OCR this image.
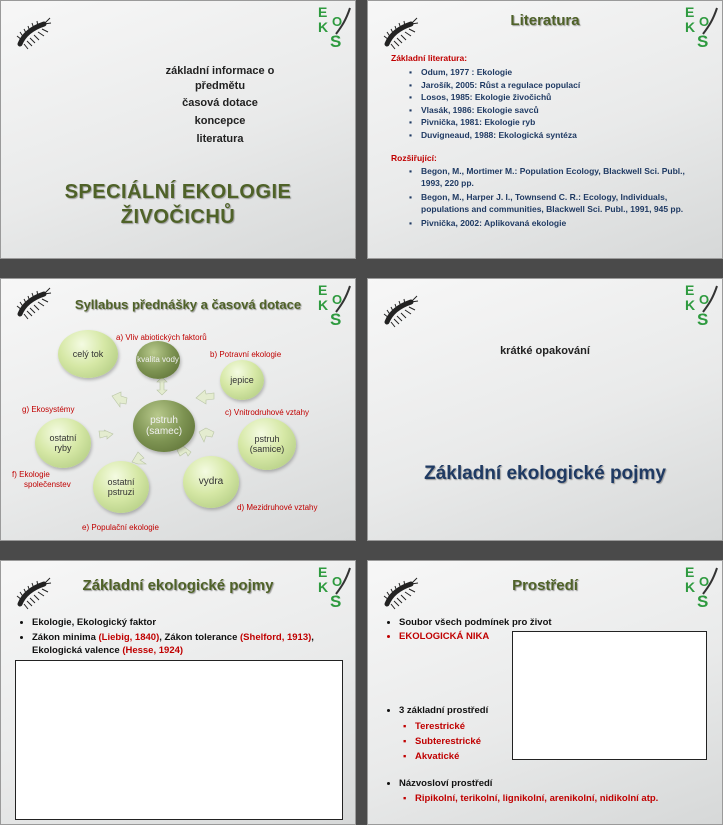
E
K O
S
základní informace o předmětu
časová dotace
koncepce
literatura
SPECIÁLNÍ EKOLOGIE
ŽIVOČICHŮ
E
K O
S
Literatura
Základní literatura:
▪ Odum, 1977 : Ekologie
▪ Jarošík, 2005: Růst a regulace populací
▪ Losos, 1985: Ekologie živočichů
▪ Vlasák, 1986: Ekologie savců
▪ Pivnička, 1981: Ekologie ryb
▪ Duvigneaud, 1988: Ekologická syntéza
Rozšiřující:
▪ Begon, M., Mortimer M.: Population Ecology, Blackwell Sci. Publ., 1993, 220 pp.
▪ Begon, M., Harper J. I., Townsend C. R.: Ecology, Individuals, populations and communities, Blackwell Sci. Publ., 1991, 945 pp.
▪ Pivnička, 2002: Aplikovaná ekologie
E
K O
S
Syllabus přednášky a časová dotace
kvalita vody
jepice
pstruh (samec)
pstruh (samice)
vydra
ostatní pstruzi
ostatní ryby
celý tok
a) Vliv abiotických faktorů
b) Potravní ekologie
c) Vnitrodruhové vztahy
d) Mezidruhové vztahy
e) Populační ekologie
f) Ekologie
společenstev
g) Ekosystémy
E
K O
S
krátké opakování
Základní ekologické pojmy
E
K O
S
Základní ekologické pojmy
• Ekologie, Ekologický faktor
• Zákon minima (Liebig, 1840), Zákon tolerance (Shelford, 1913), Ekologická valence (Hesse, 1924)
E
K O
S
Prostředí
• Soubor všech podmínek pro život
• EKOLOGICKÁ NIKA
• 3 základní prostředí
▪ Terestrické
▪ Subterestrické
▪ Akvatické
• Názvosloví prostředí
▪ Ripikolní, terikolní, lignikolní, arenikolní, nidikolní atp.
